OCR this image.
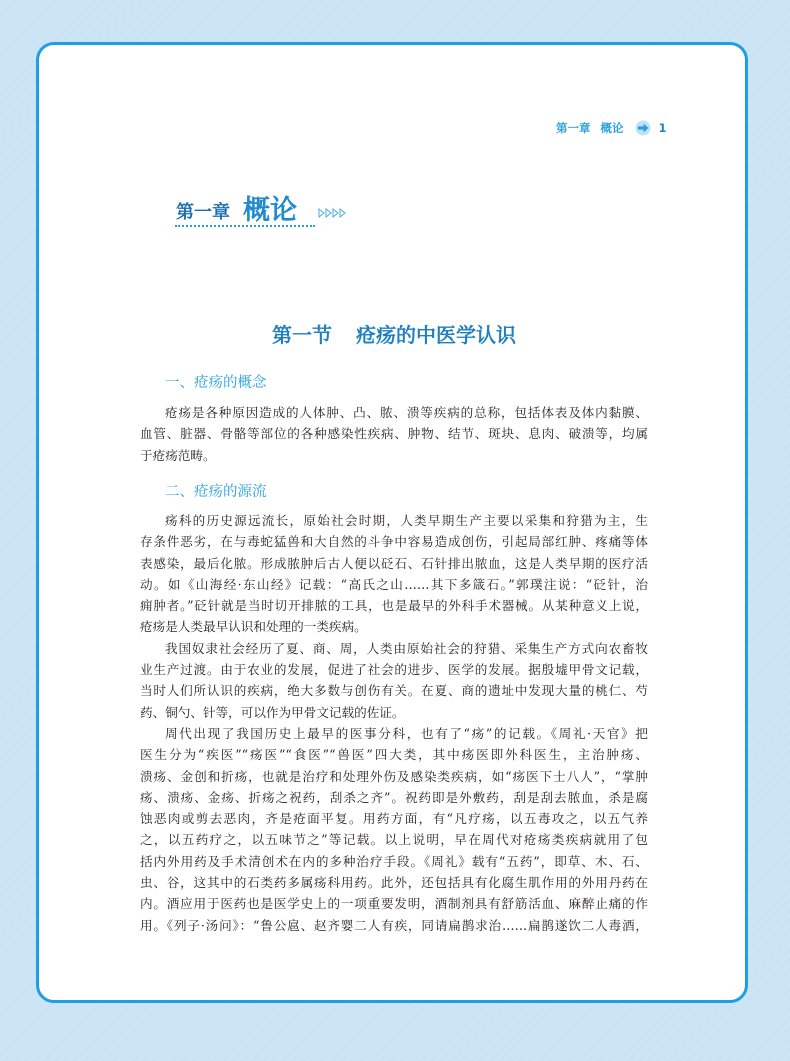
第一章 概论	1
第一章 概论
第一节 疮疡的中医学认识
一、疮疡的概念
疮疡是各种原因造成的人体肿、凸、脓、溃等疾病的总称，包括体表及体内黏膜、
血管、脏器、骨骼等部位的各种感染性疾病、肿物、结节、斑块、息肉、破溃等，均属
于疮疡范畴。
二、疮疡的源流
疡科的历史源远流长，原始社会时期，人类早期生产主要以采集和狩猎为主，生
存条件恶劣，在与毒蛇猛兽和大自然的斗争中容易造成创伤，引起局部红肿、疼痛等体
表感染，最后化脓。形成脓肿后古人便以砭石、石针排出脓血，这是人类早期的医疗活
动。如《山海经·东山经》记载：“高氏之山……其下多箴石。”郭璞注说：“砭针，治
痈肿者。”砭针就是当时切开排脓的工具，也是最早的外科手术器械。从某种意义上说，
疮疡是人类最早认识和处理的一类疾病。
我国奴隶社会经历了夏、商、周，人类由原始社会的狩猎、采集生产方式向农畜牧
业生产过渡。由于农业的发展，促进了社会的进步、医学的发展。据殷墟甲骨文记载，
当时人们所认识的疾病，绝大多数与创伤有关。在夏、商的遗址中发现大量的桃仁、芍
药、铜勺、针等，可以作为甲骨文记载的佐证。
周代出现了我国历史上最早的医事分科，也有了“疡”的记载。《周礼·天官》把
医生分为“疾医”“疡医”“食医”“兽医”四大类，其中疡医即外科医生，主治肿疡、
溃疡、金创和折疡，也就是治疗和处理外伤及感染类疾病，如“疡医下士八人”，“掌肿
疡、溃疡、金疡、折疡之祝药，刮杀之齐”。祝药即是外敷药，刮是刮去脓血，杀是腐
蚀恶肉或剪去恶肉，齐是疮面平复。用药方面，有“凡疗疡，以五毒攻之，以五气养
之，以五药疗之，以五味节之”等记载。以上说明，早在周代对疮疡类疾病就用了包
括内外用药及手术清创术在内的多种治疗手段。《周礼》载有“五药”，即草、木、石、
虫、谷，这其中的石类药多属疡科用药。此外，还包括具有化腐生肌作用的外用丹药在
内。酒应用于医药也是医学史上的一项重要发明，酒制剂具有舒筋活血、麻醉止痛的作
用。《列子·汤问》：“鲁公扈、赵齐婴二人有疾，同请扁鹊求治……扁鹊遂饮二人毒酒，
